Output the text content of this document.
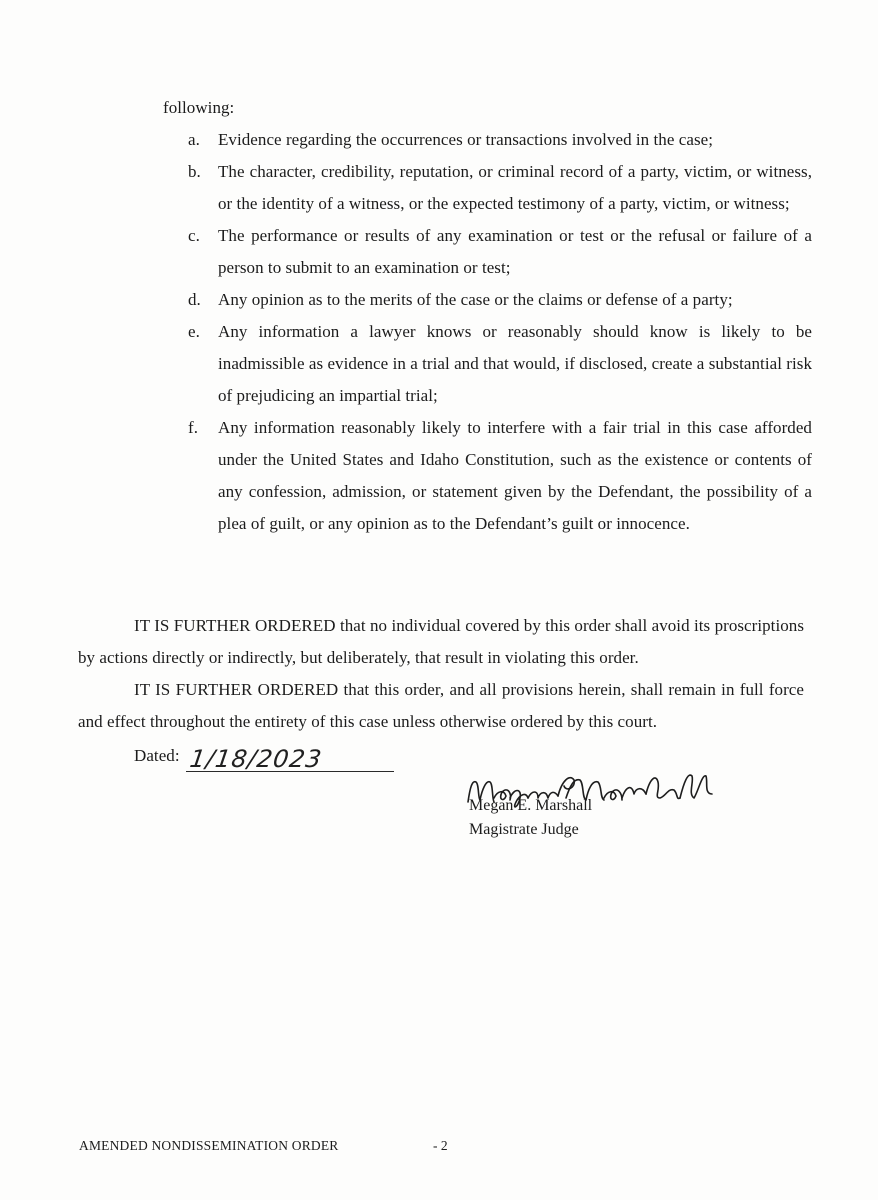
following:
a.	Evidence regarding the occurrences or transactions involved in the case;
b.	The character, credibility, reputation, or criminal record of a party, victim, or witness, or the identity of a witness, or the expected testimony of a party, victim, or witness;
c.	The performance or results of any examination or test or the refusal or failure of a person to submit to an examination or test;
d.	Any opinion as to the merits of the case or the claims or defense of a party;
e.	Any information a lawyer knows or reasonably should know is likely to be inadmissible as evidence in a trial and that would, if disclosed, create a substantial risk of prejudicing an impartial trial;
f.	Any information reasonably likely to interfere with a fair trial in this case afforded under the United States and Idaho Constitution, such as the existence or contents of any confession, admission, or statement given by the Defendant, the possibility of a plea of guilt, or any opinion as to the Defendant’s guilt or innocence.

IT IS FURTHER ORDERED that no individual covered by this order shall avoid its proscriptions by actions directly or indirectly, but deliberately, that result in violating this order.

IT IS FURTHER ORDERED that this order, and all provisions herein, shall remain in full force and effect throughout the entirety of this case unless otherwise ordered by this court.

Dated: 1/18/2023
Megan E. Marshall
Magistrate Judge
AMENDED NONDISSEMINATION ORDER	- 2
